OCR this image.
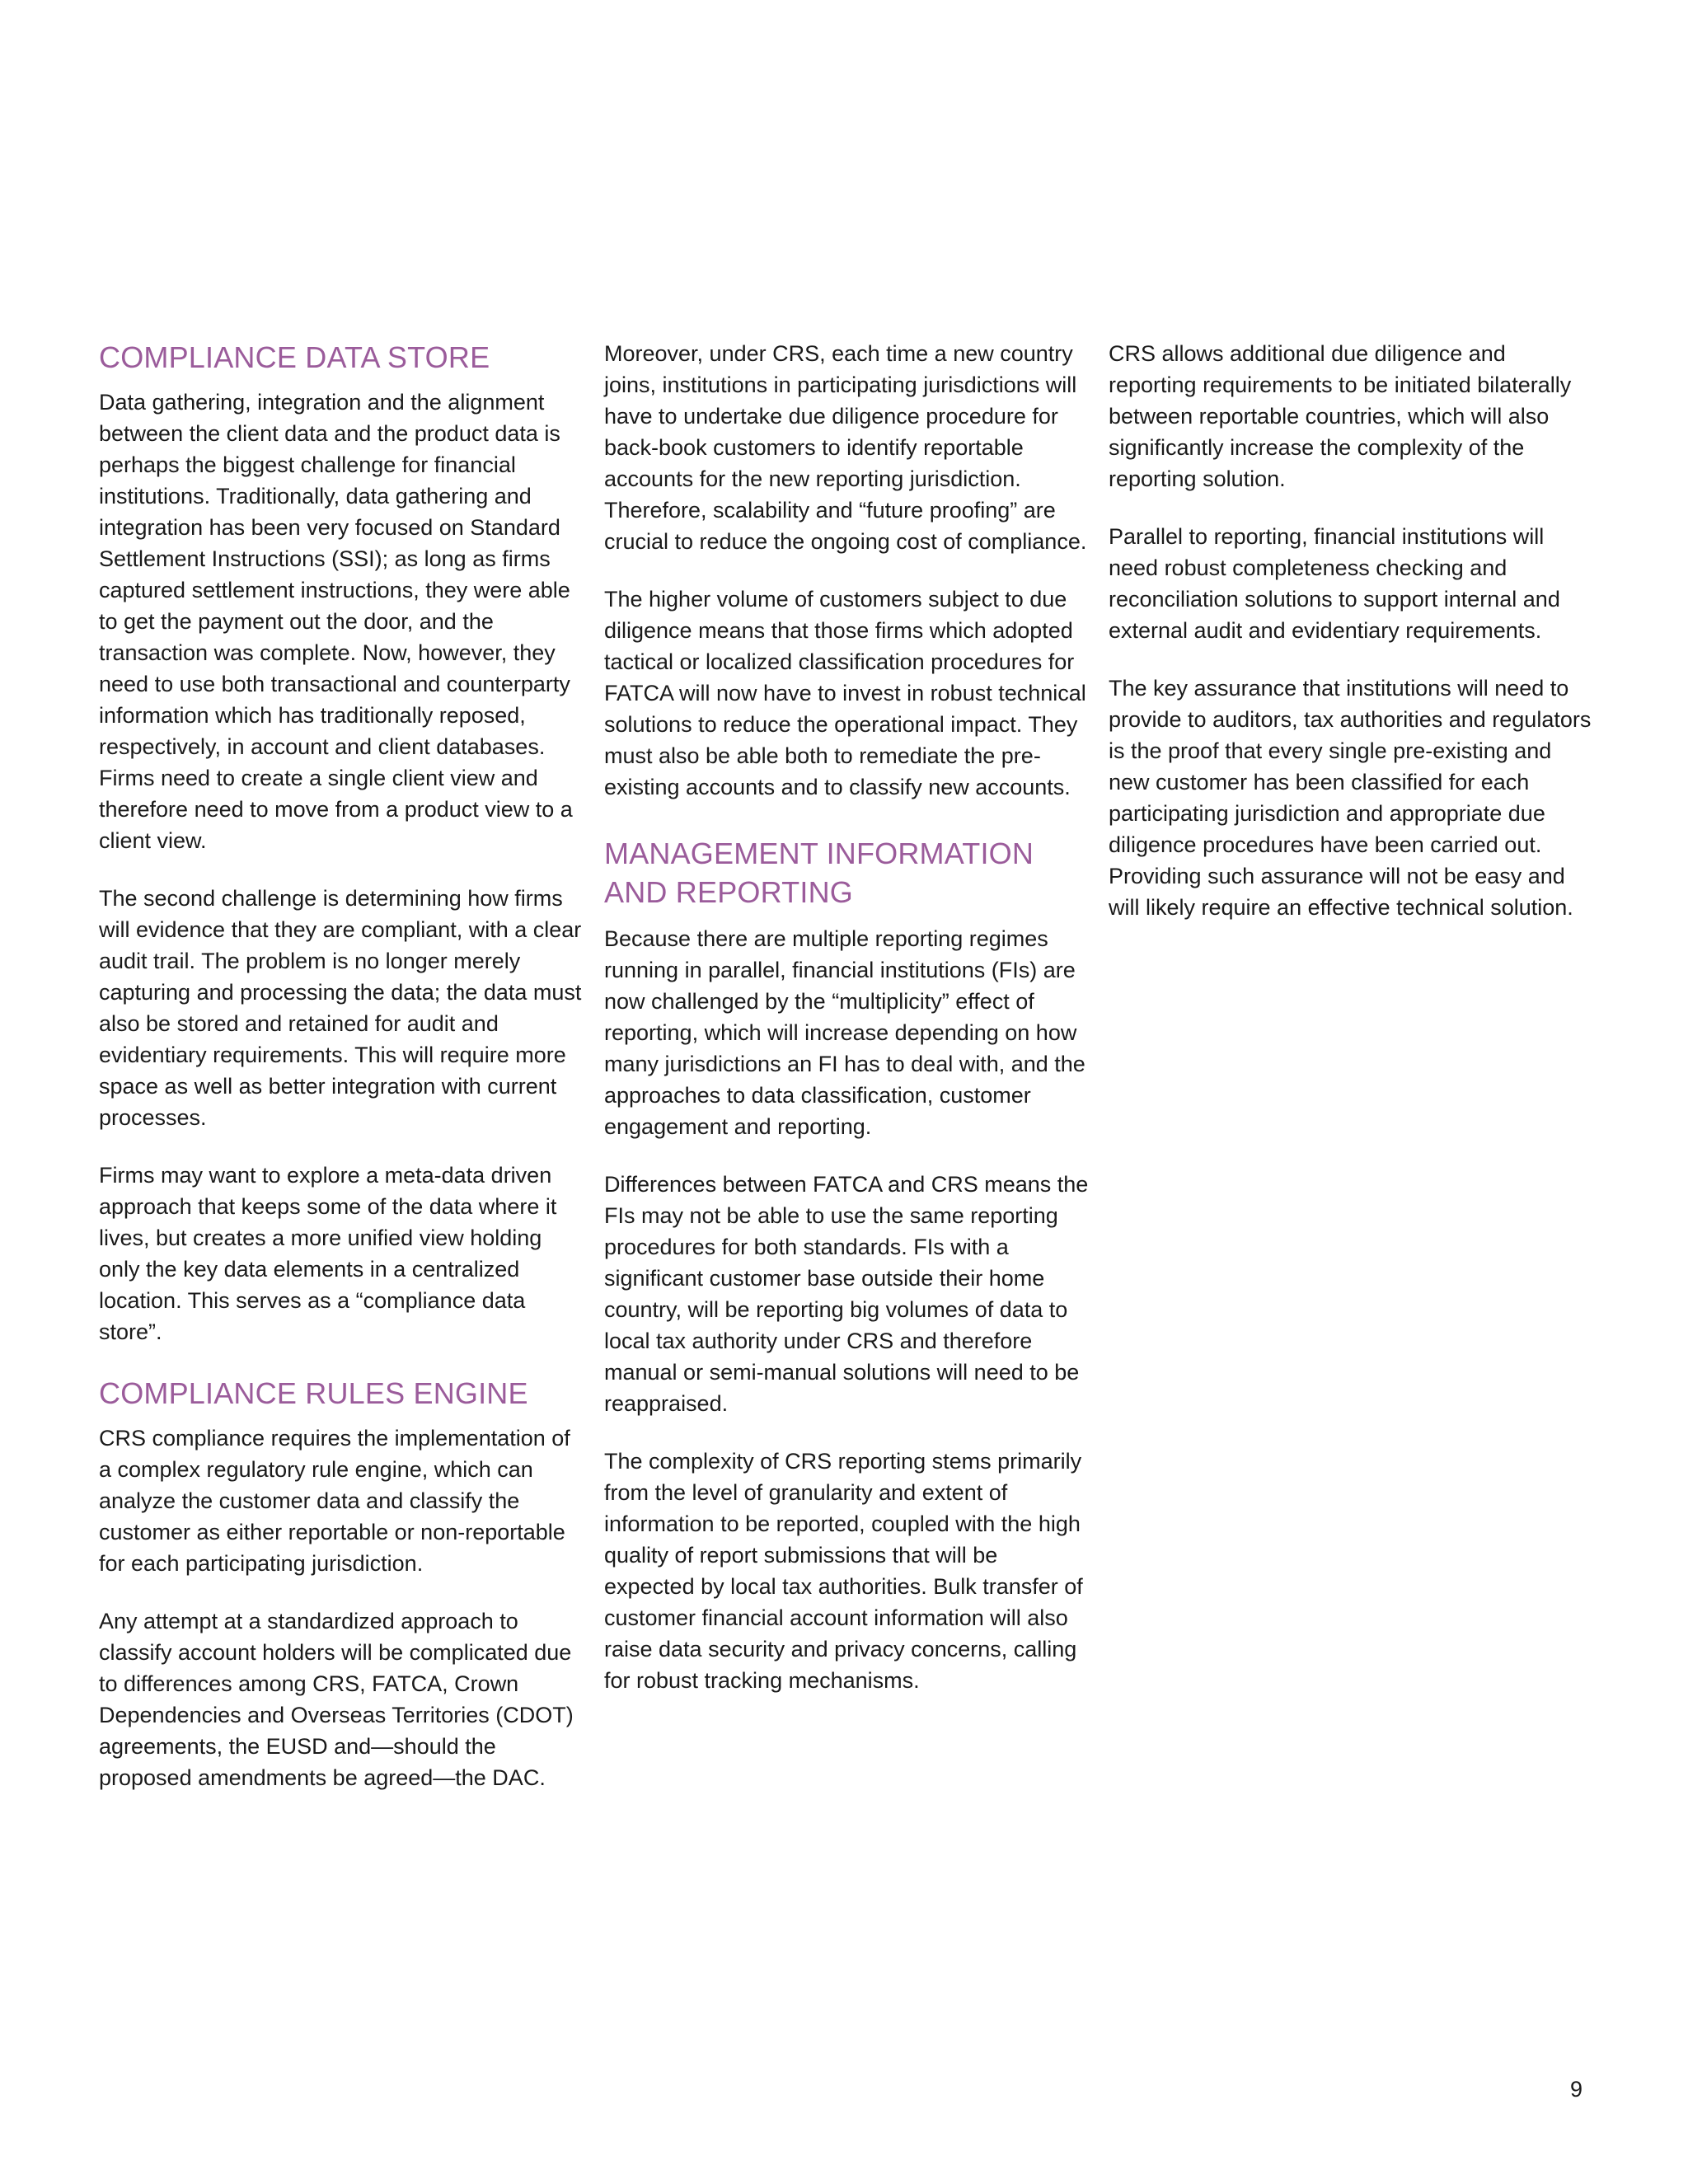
COMPLIANCE DATA STORE

Data gathering, integration and the alignment between the client data and the product data is perhaps the biggest challenge for financial institutions. Traditionally, data gathering and integration has been very focused on Standard Settlement Instructions (SSI); as long as firms captured settlement instructions, they were able to get the payment out the door, and the transaction was complete. Now, however, they need to use both transactional and counterparty information which has traditionally reposed, respectively, in account and client databases. Firms need to create a single client view and therefore need to move from a product view to a client view.

The second challenge is determining how firms will evidence that they are compliant, with a clear audit trail. The problem is no longer merely capturing and processing the data; the data must also be stored and retained for audit and evidentiary requirements. This will require more space as well as better integration with current processes.

Firms may want to explore a meta-data driven approach that keeps some of the data where it lives, but creates a more unified view holding only the key data elements in a centralized location. This serves as a “compliance data store”.

COMPLIANCE RULES ENGINE

CRS compliance requires the implementation of a complex regulatory rule engine, which can analyze the customer data and classify the customer as either reportable or non-reportable for each participating jurisdiction.

Any attempt at a standardized approach to classify account holders will be complicated due to differences among CRS, FATCA, Crown Dependencies and Overseas Territories (CDOT) agreements, the EUSD and—should the proposed amendments be agreed—the DAC.

Moreover, under CRS, each time a new country joins, institutions in participating jurisdictions will have to undertake due diligence procedure for back-book customers to identify reportable accounts for the new reporting jurisdiction. Therefore, scalability and “future proofing” are crucial to reduce the ongoing cost of compliance.

The higher volume of customers subject to due diligence means that those firms which adopted tactical or localized classification procedures for FATCA will now have to invest in robust technical solutions to reduce the operational impact. They must also be able both to remediate the pre-existing accounts and to classify new accounts.

MANAGEMENT INFORMATION AND REPORTING

Because there are multiple reporting regimes running in parallel, financial institutions (FIs) are now challenged by the “multiplicity” effect of reporting, which will increase depending on how many jurisdictions an FI has to deal with, and the approaches to data classification, customer engagement and reporting.

Differences between FATCA and CRS means the FIs may not be able to use the same reporting procedures for both standards. FIs with a significant customer base outside their home country, will be reporting big volumes of data to local tax authority under CRS and therefore manual or semi-manual solutions will need to be reappraised.

The complexity of CRS reporting stems primarily from the level of granularity and extent of information to be reported, coupled with the high quality of report submissions that will be expected by local tax authorities. Bulk transfer of customer financial account information will also raise data security and privacy concerns, calling for robust tracking mechanisms.

CRS allows additional due diligence and reporting requirements to be initiated bilaterally between reportable countries, which will also significantly increase the complexity of the reporting solution.

Parallel to reporting, financial institutions will need robust completeness checking and reconciliation solutions to support internal and external audit and evidentiary requirements.

The key assurance that institutions will need to provide to auditors, tax authorities and regulators is the proof that every single pre-existing and new customer has been classified for each participating jurisdiction and appropriate due diligence procedures have been carried out. Providing such assurance will not be easy and will likely require an effective technical solution.

9
